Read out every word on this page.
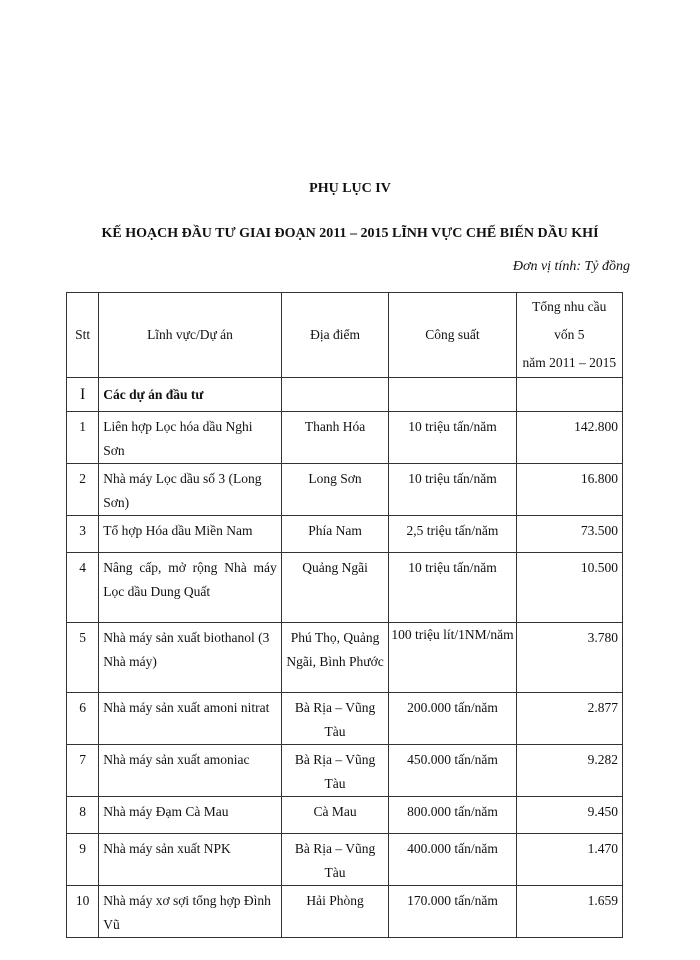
PHỤ LỤC IV
KẾ HOẠCH ĐẦU TƯ GIAI ĐOẠN 2011 – 2015 LĨNH VỰC CHẾ BIẾN DẦU KHÍ
Đơn vị tính: Tỷ đồng
Stt	Lĩnh vực/Dự án	Địa điểm	Công suất	Tổng nhu cầu vốn 5
năm 2011 – 2015

I	Các dự án đầu tư			
1	Liên hợp Lọc hóa dầu Nghi Sơn	Thanh Hóa	10 triệu tấn/năm	142.800
2	Nhà máy Lọc dầu số 3 (Long Sơn)	Long Sơn	10 triệu tấn/năm	16.800
3	Tổ hợp Hóa dầu Miền Nam	Phía Nam	2,5 triệu tấn/năm	73.500
4	Nâng cấp, mở rộng Nhà máy Lọc dầu Dung Quất	Quảng Ngãi	10 triệu tấn/năm	10.500
5	Nhà máy sản xuất biothanol (3 Nhà máy)	Phú Thọ, Quảng Ngãi, Bình Phước	100 triệu lít/1NM/năm	3.780
6	Nhà máy sản xuất amoni nitrat	Bà Rịa – Vũng Tàu	200.000 tấn/năm	2.877
7	Nhà máy sản xuất amoniac	Bà Rịa – Vũng Tàu	450.000 tấn/năm	9.282
8	Nhà máy Đạm Cà Mau	Cà Mau	800.000 tấn/năm	9.450
9	Nhà máy sản xuất NPK	Bà Rịa – Vũng Tàu	400.000 tấn/năm	1.470
10	Nhà máy xơ sợi tổng hợp Đình Vũ	Hải Phòng	170.000 tấn/năm	1.659
